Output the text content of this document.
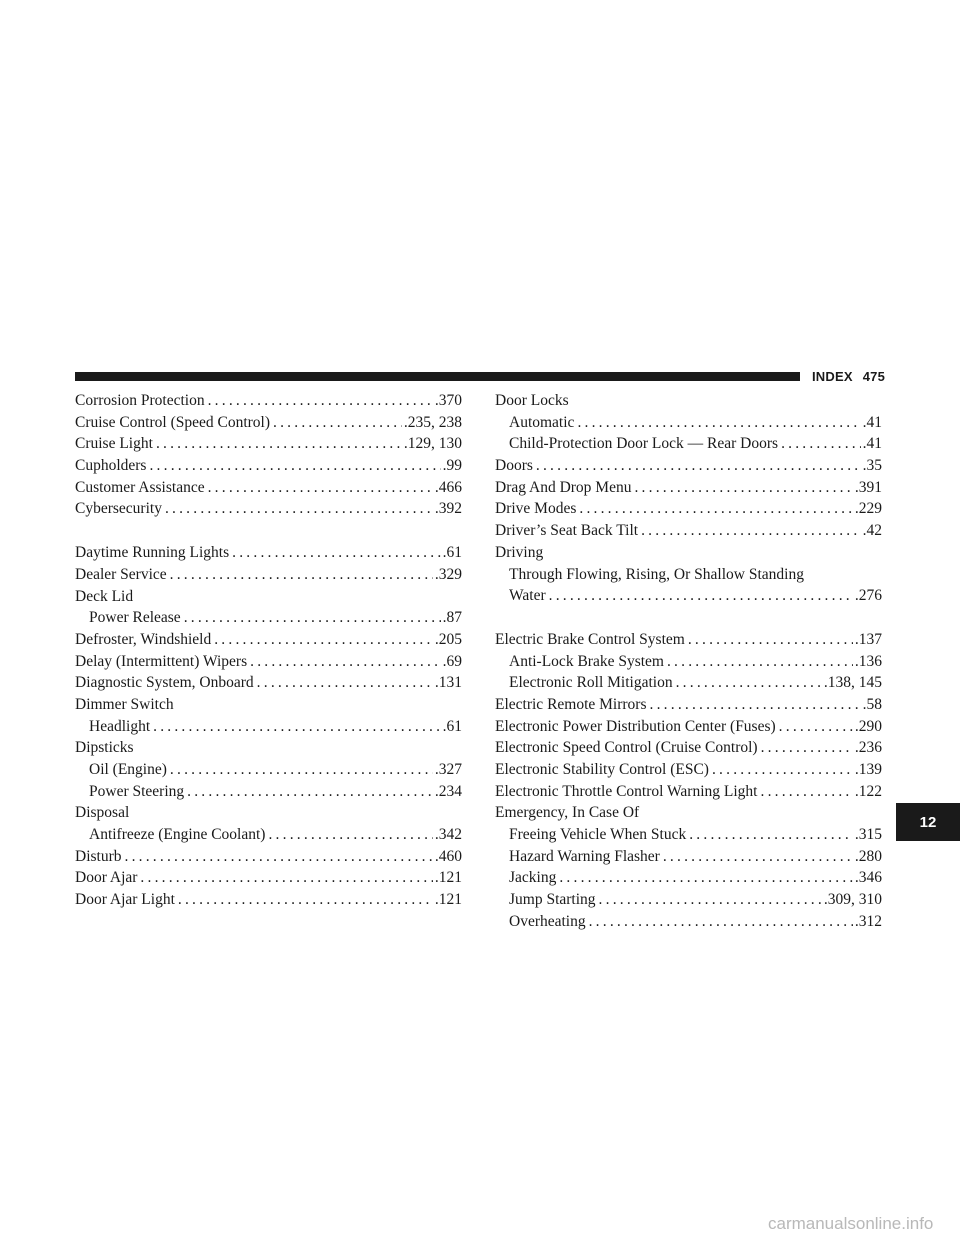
INDEX 475
Corrosion Protection .....	.370
Cruise Control (Speed Control) .....	.235, 238
Cruise Light .....	.129, 130
Cupholders .....	.99
Customer Assistance .....	.466
Cybersecurity .....	.392
Daytime Running Lights .....	.61
Dealer Service .....	.329
Deck Lid
Power Release .....	.87
Defroster, Windshield .....	.205
Delay (Intermittent) Wipers .....	.69
Diagnostic System, Onboard .....	.131
Dimmer Switch
Headlight .....	.61
Dipsticks
Oil (Engine) .....	.327
Power Steering .....	.234
Disposal
Antifreeze (Engine Coolant) .....	.342
Disturb .....	.460
Door Ajar .....	.121
Door Ajar Light .....	.121
Door Locks
Automatic .....	.41
Child-Protection Door Lock — Rear Doors .....	.41
Doors .....	.35
Drag And Drop Menu .....	.391
Drive Modes .....	.229
Driver’s Seat Back Tilt .....	.42
Driving
Through Flowing, Rising, Or Shallow Standing
Water .....	.276
Electric Brake Control System .....	.137
Anti-Lock Brake System .....	.136
Electronic Roll Mitigation .....	.138, 145
Electric Remote Mirrors .....	.58
Electronic Power Distribution Center (Fuses) .....	.290
Electronic Speed Control (Cruise Control) .....	.236
Electronic Stability Control (ESC) .....	.139
Electronic Throttle Control Warning Light .....	.122
Emergency, In Case Of
Freeing Vehicle When Stuck .....	.315
Hazard Warning Flasher .....	.280
Jacking .....	.346
Jump Starting .....	.309, 310
Overheating .....	.312
12
carmanualsonline.info
